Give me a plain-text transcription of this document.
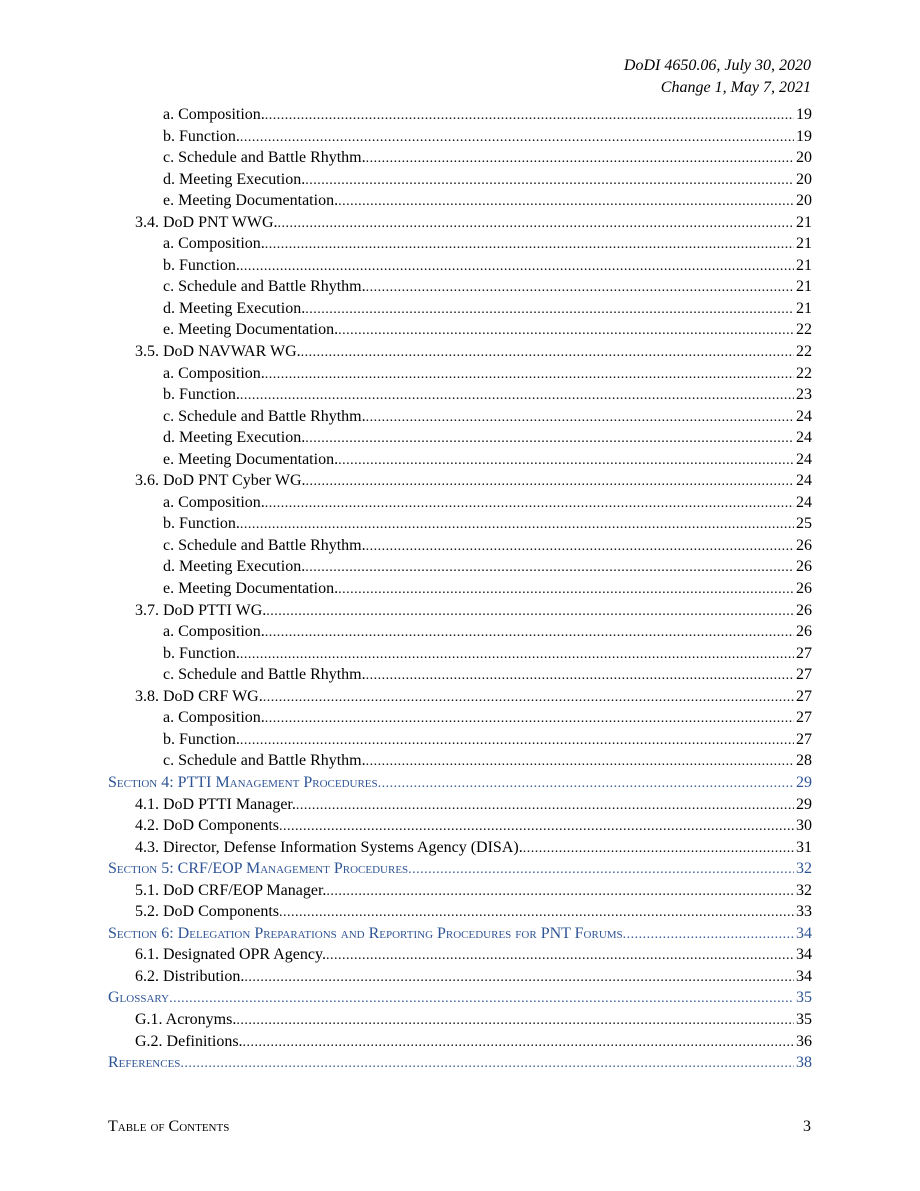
DoDI 4650.06, July 30, 2020
Change 1, May 7, 2021
a. Composition. .....	19
b. Function. .....	19
c. Schedule and Battle Rhythm. .....	20
d. Meeting Execution. .....	20
e. Meeting Documentation. .....	20
3.4. DoD PNT WWG. .....	21
a. Composition. .....	21
b. Function. .....	21
c. Schedule and Battle Rhythm. .....	21
d. Meeting Execution. .....	21
e. Meeting Documentation. .....	22
3.5. DoD NAVWAR WG. .....	22
a. Composition. .....	22
b. Function. .....	23
c. Schedule and Battle Rhythm. .....	24
d. Meeting Execution. .....	24
e. Meeting Documentation. .....	24
3.6. DoD PNT Cyber WG. .....	24
a. Composition. .....	24
b. Function. .....	25
c. Schedule and Battle Rhythm. .....	26
d. Meeting Execution. .....	26
e. Meeting Documentation. .....	26
3.7. DoD PTTI WG. .....	26
a. Composition. .....	26
b. Function. .....	27
c. Schedule and Battle Rhythm. .....	27
3.8. DoD CRF WG. .....	27
a. Composition. .....	27
b. Function. .....	27
c. Schedule and Battle Rhythm. .....	28
Section 4: PTTI Management Procedures .....	29
4.1. DoD PTTI Manager. .....	29
4.2. DoD Components .....	30
4.3. Director, Defense Information Systems Agency (DISA). .....	31
Section 5: CRF/EOP Management Procedures .....	32
5.1. DoD CRF/EOP Manager. .....	32
5.2. DoD Components .....	33
Section 6: Delegation Preparations and Reporting Procedures for PNT Forums .....	34
6.1. Designated OPR Agency. .....	34
6.2. Distribution. .....	34
Glossary .....	35
G.1. Acronyms. .....	35
G.2. Definitions. .....	36
References .....	38
Table of Contents	3
